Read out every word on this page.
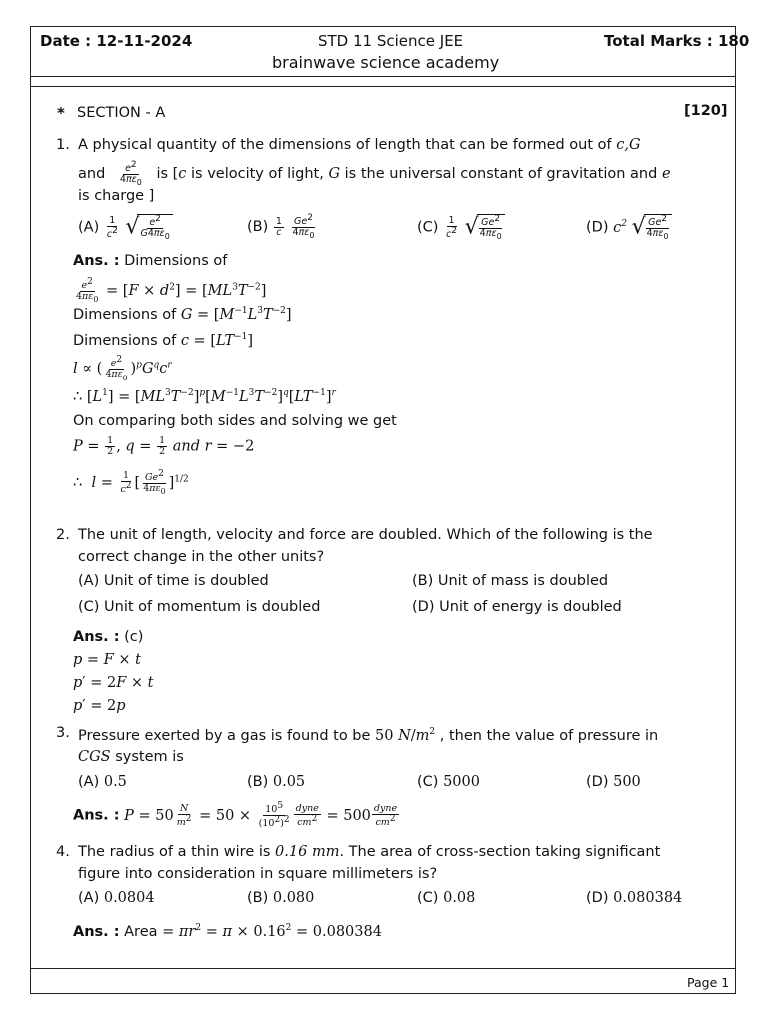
Date : 12-11-2024	STD 11 Science JEE	Total Marks : 180
brainwave science academy
* SECTION - A	[120]
1. A physical quantity of the dimensions of length that can be formed out of c,G
and $\frac{e^2}{4\pi\varepsilon_0}$ is [c is velocity of light, G is the universal constant of gravitation and e
is charge ]
$(A) \frac{1}{c^2}$ √ $\frac{e^2}{G4\pi\varepsilon_0}$	$(B) \frac{1}{c}$
$\frac{Ge^2}{4\pi\varepsilon_0}$	$(C) \frac{1}{c^2}$ √ $\frac{Ge^2}{4\pi\varepsilon_0}$	(D) $c^2$ √ $\frac{Ge^2}{4\pi\varepsilon_0}$
Ans. : Dimensions of
$\frac{e^2}{4\pi\varepsilon_0} = [F \times d^2] = [ML^3T^{-2}]$
Dimensions of $G = [M^{-1}L^3T^{-2}]$
Dimensions of $c = [LT^{-1}]$
l ∝ ( $\frac{e^2}{4\pi\varepsilon_o} )^pG^qc^r$
∴ $[L^1] = [ML^3T^{-2}]^p[M^{-1}L^3T^{-2}]^q[LT^{-1}]^r$
On comparing both sides and solving we get
$P = \frac{1}{2}$ , $q = \frac{1}{2}$ and r = −2
∴  $l = \frac{1}{c^2}$ [ $\frac{Ge^2}{4\pi\varepsilon_0} ]^{1/2}$
2. The unit of length, velocity and force are doubled. Which of the following is the
correct change in the other units?
(A) Unit of time is doubled	(B) Unit of mass is doubled
(C) Unit of momentum is doubled	(D) Unit of energy is doubled
Ans. : (c)
p = F × t
p′ = 2F × t
p′ = 2p
3. Pressure exerted by a gas is found to be 50 $N/m^2$ , then the value of pressure in
CGS system is
(A) 0.5	(B) 0.05	(C) 5000	(D) 500
Ans. : $P = 50 \frac{N}{m^2} = 50 \times \frac{10^5}{(10^2)^2} \frac{\text{dyne}}{cm^2} = 500 \frac{\text{dyne}}{cm^2}$
4. The radius of a thin wire is 0.16 mm. The area of cross-section taking significant
figure into consideration in square millimeters is?
(A) 0.0804	(B) 0.080	(C) 0.08	(D) 0.080384
Ans. : Area = $\pi r^2 = \pi \times 0.16^2 = 0.080384$
Page 1
